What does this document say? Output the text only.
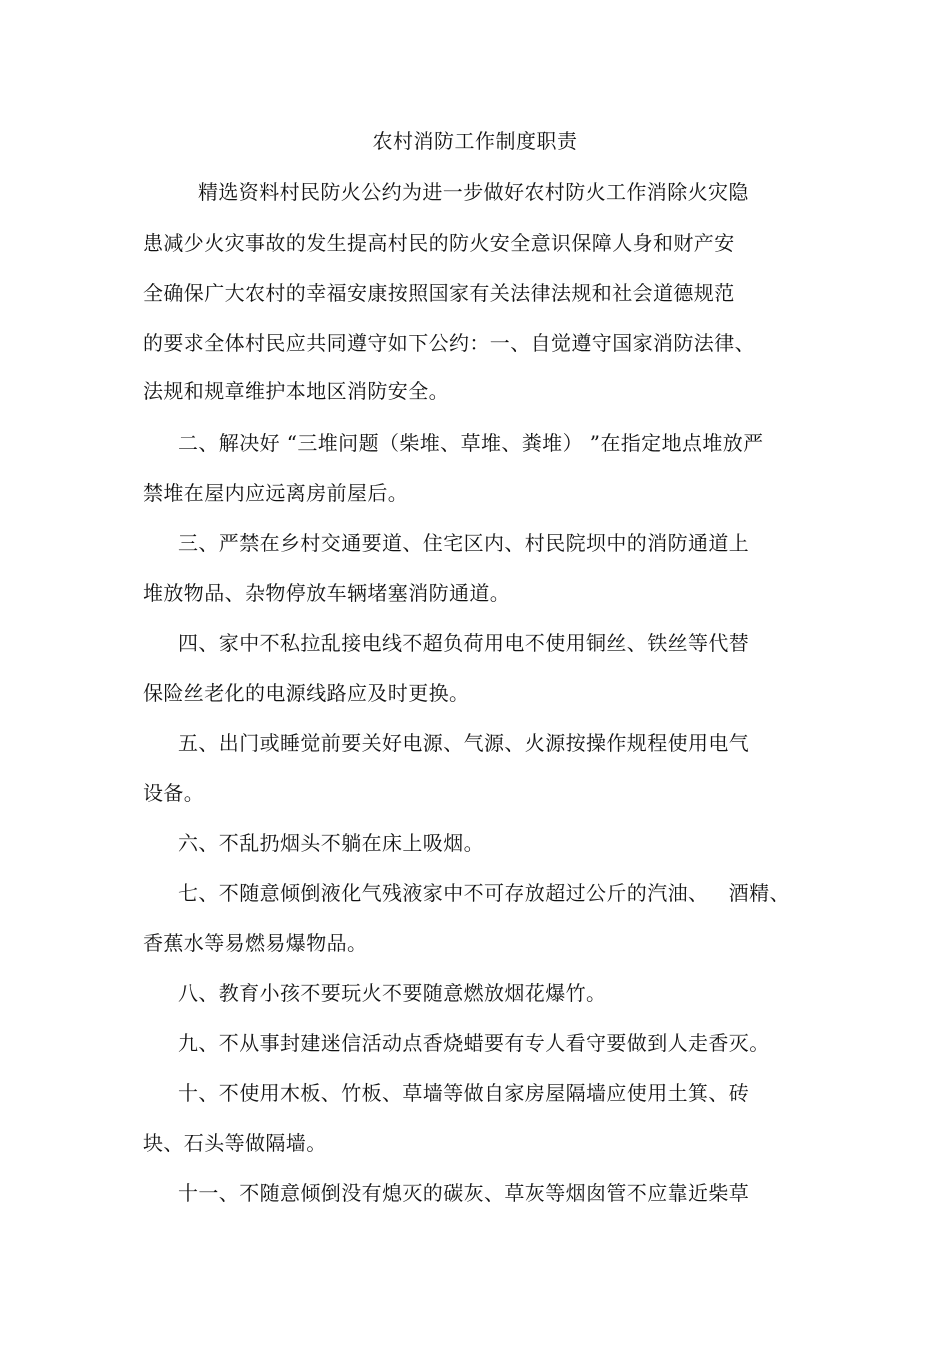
农村消防工作制度职责
精选资料村民防火公约为进一步做好农村防火工作消除火灾隐
患减少火灾事故的发生提高村民的防火安全意识保障人身和财产安
全确保广大农村的幸福安康按照国家有关法律法规和社会道德规范
的要求全体村民应共同遵守如下公约：一、自觉遵守国家消防法律、
法规和规章维护本地区消防安全。
二、解决好 “三堆问题（柴堆、草堆、粪堆） ”在指定地点堆放严
禁堆在屋内应远离房前屋后。
三、严禁在乡村交通要道、住宅区内、村民院坝中的消防通道上
堆放物品、杂物停放车辆堵塞消防通道。
四、家中不私拉乱接电线不超负荷用电不使用铜丝、铁丝等代替
保险丝老化的电源线路应及时更换。
五、出门或睡觉前要关好电源、气源、火源按操作规程使用电气
设备。
六、不乱扔烟头不躺在床上吸烟。
七、不随意倾倒液化气残液家中不可存放超过公斤的汽油、   酒精、
香蕉水等易燃易爆物品。
八、教育小孩不要玩火不要随意燃放烟花爆竹。
九、不从事封建迷信活动点香烧蜡要有专人看守要做到人走香灭。
十、不使用木板、竹板、草墙等做自家房屋隔墙应使用土箕、砖
块、石头等做隔墙。
十一、不随意倾倒没有熄灭的碳灰、草灰等烟囱管不应靠近柴草
